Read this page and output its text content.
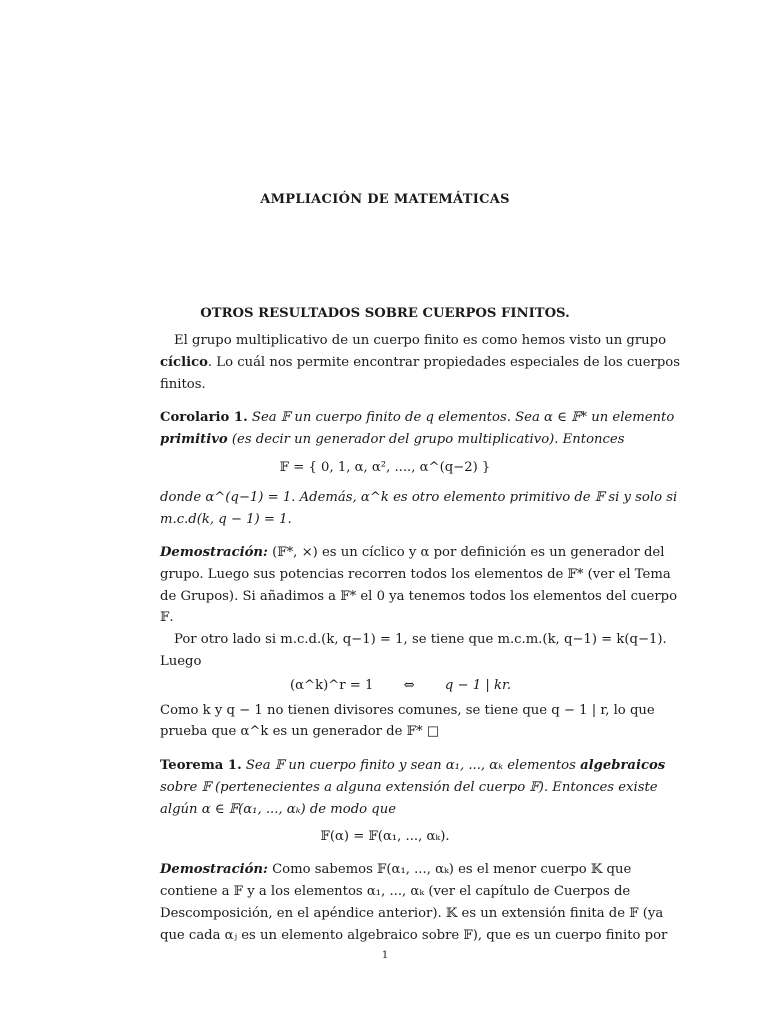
AMPLIACIÓN DE MATEMÁTICAS
OTROS RESULTADOS SOBRE CUERPOS FINITOS.
El grupo multiplicativo de un cuerpo finito es como hemos visto un grupo
cíclico. Lo cuál nos permite encontrar propiedades especiales de los cuerpos
finitos.
Corolario 1. Sea 𝔽 un cuerpo finito de q elementos. Sea α ∈ 𝔽* un elemento
primitivo (es decir un generador del grupo multiplicativo). Entonces
𝔽 = { 0, 1, α, α², ...., α^(q−2) }
donde α^(q−1) = 1. Además, α^k es otro elemento primitivo de 𝔽 si y solo si
m.c.d(k, q − 1) = 1.
Demostración: (𝔽*, ×) es un cíclico y α por definición es un generador del
grupo. Luego sus potencias recorren todos los elementos de 𝔽* (ver el Tema
de Grupos). Si añadimos a 𝔽* el 0 ya tenemos todos los elementos del cuerpo
𝔽.
Por otro lado si m.c.d.(k, q−1) = 1, se tiene que m.c.m.(k, q−1) = k(q−1).
Luego
(α^k)^r = 1 ⇔ q − 1 | kr.
Como k y q − 1 no tienen divisores comunes, se tiene que q − 1 | r, lo que
prueba que α^k es un generador de 𝔽* □
Teorema 1. Sea 𝔽 un cuerpo finito y sean α₁, ..., αₖ elementos algebraicos
sobre 𝔽 (pertenecientes a alguna extensión del cuerpo 𝔽). Entonces existe
algún α ∈ 𝔽(α₁, ..., αₖ) de modo que
𝔽(α) = 𝔽(α₁, ..., αₖ).
Demostración: Como sabemos 𝔽(α₁, ..., αₖ) es el menor cuerpo 𝕂 que
contiene a 𝔽 y a los elementos α₁, ..., αₖ (ver el capítulo de Cuerpos de
Descomposición, en el apéndice anterior). 𝕂 es un extensión finita de 𝔽 (ya
que cada αⱼ es un elemento algebraico sobre 𝔽), que es un cuerpo finito por
1
